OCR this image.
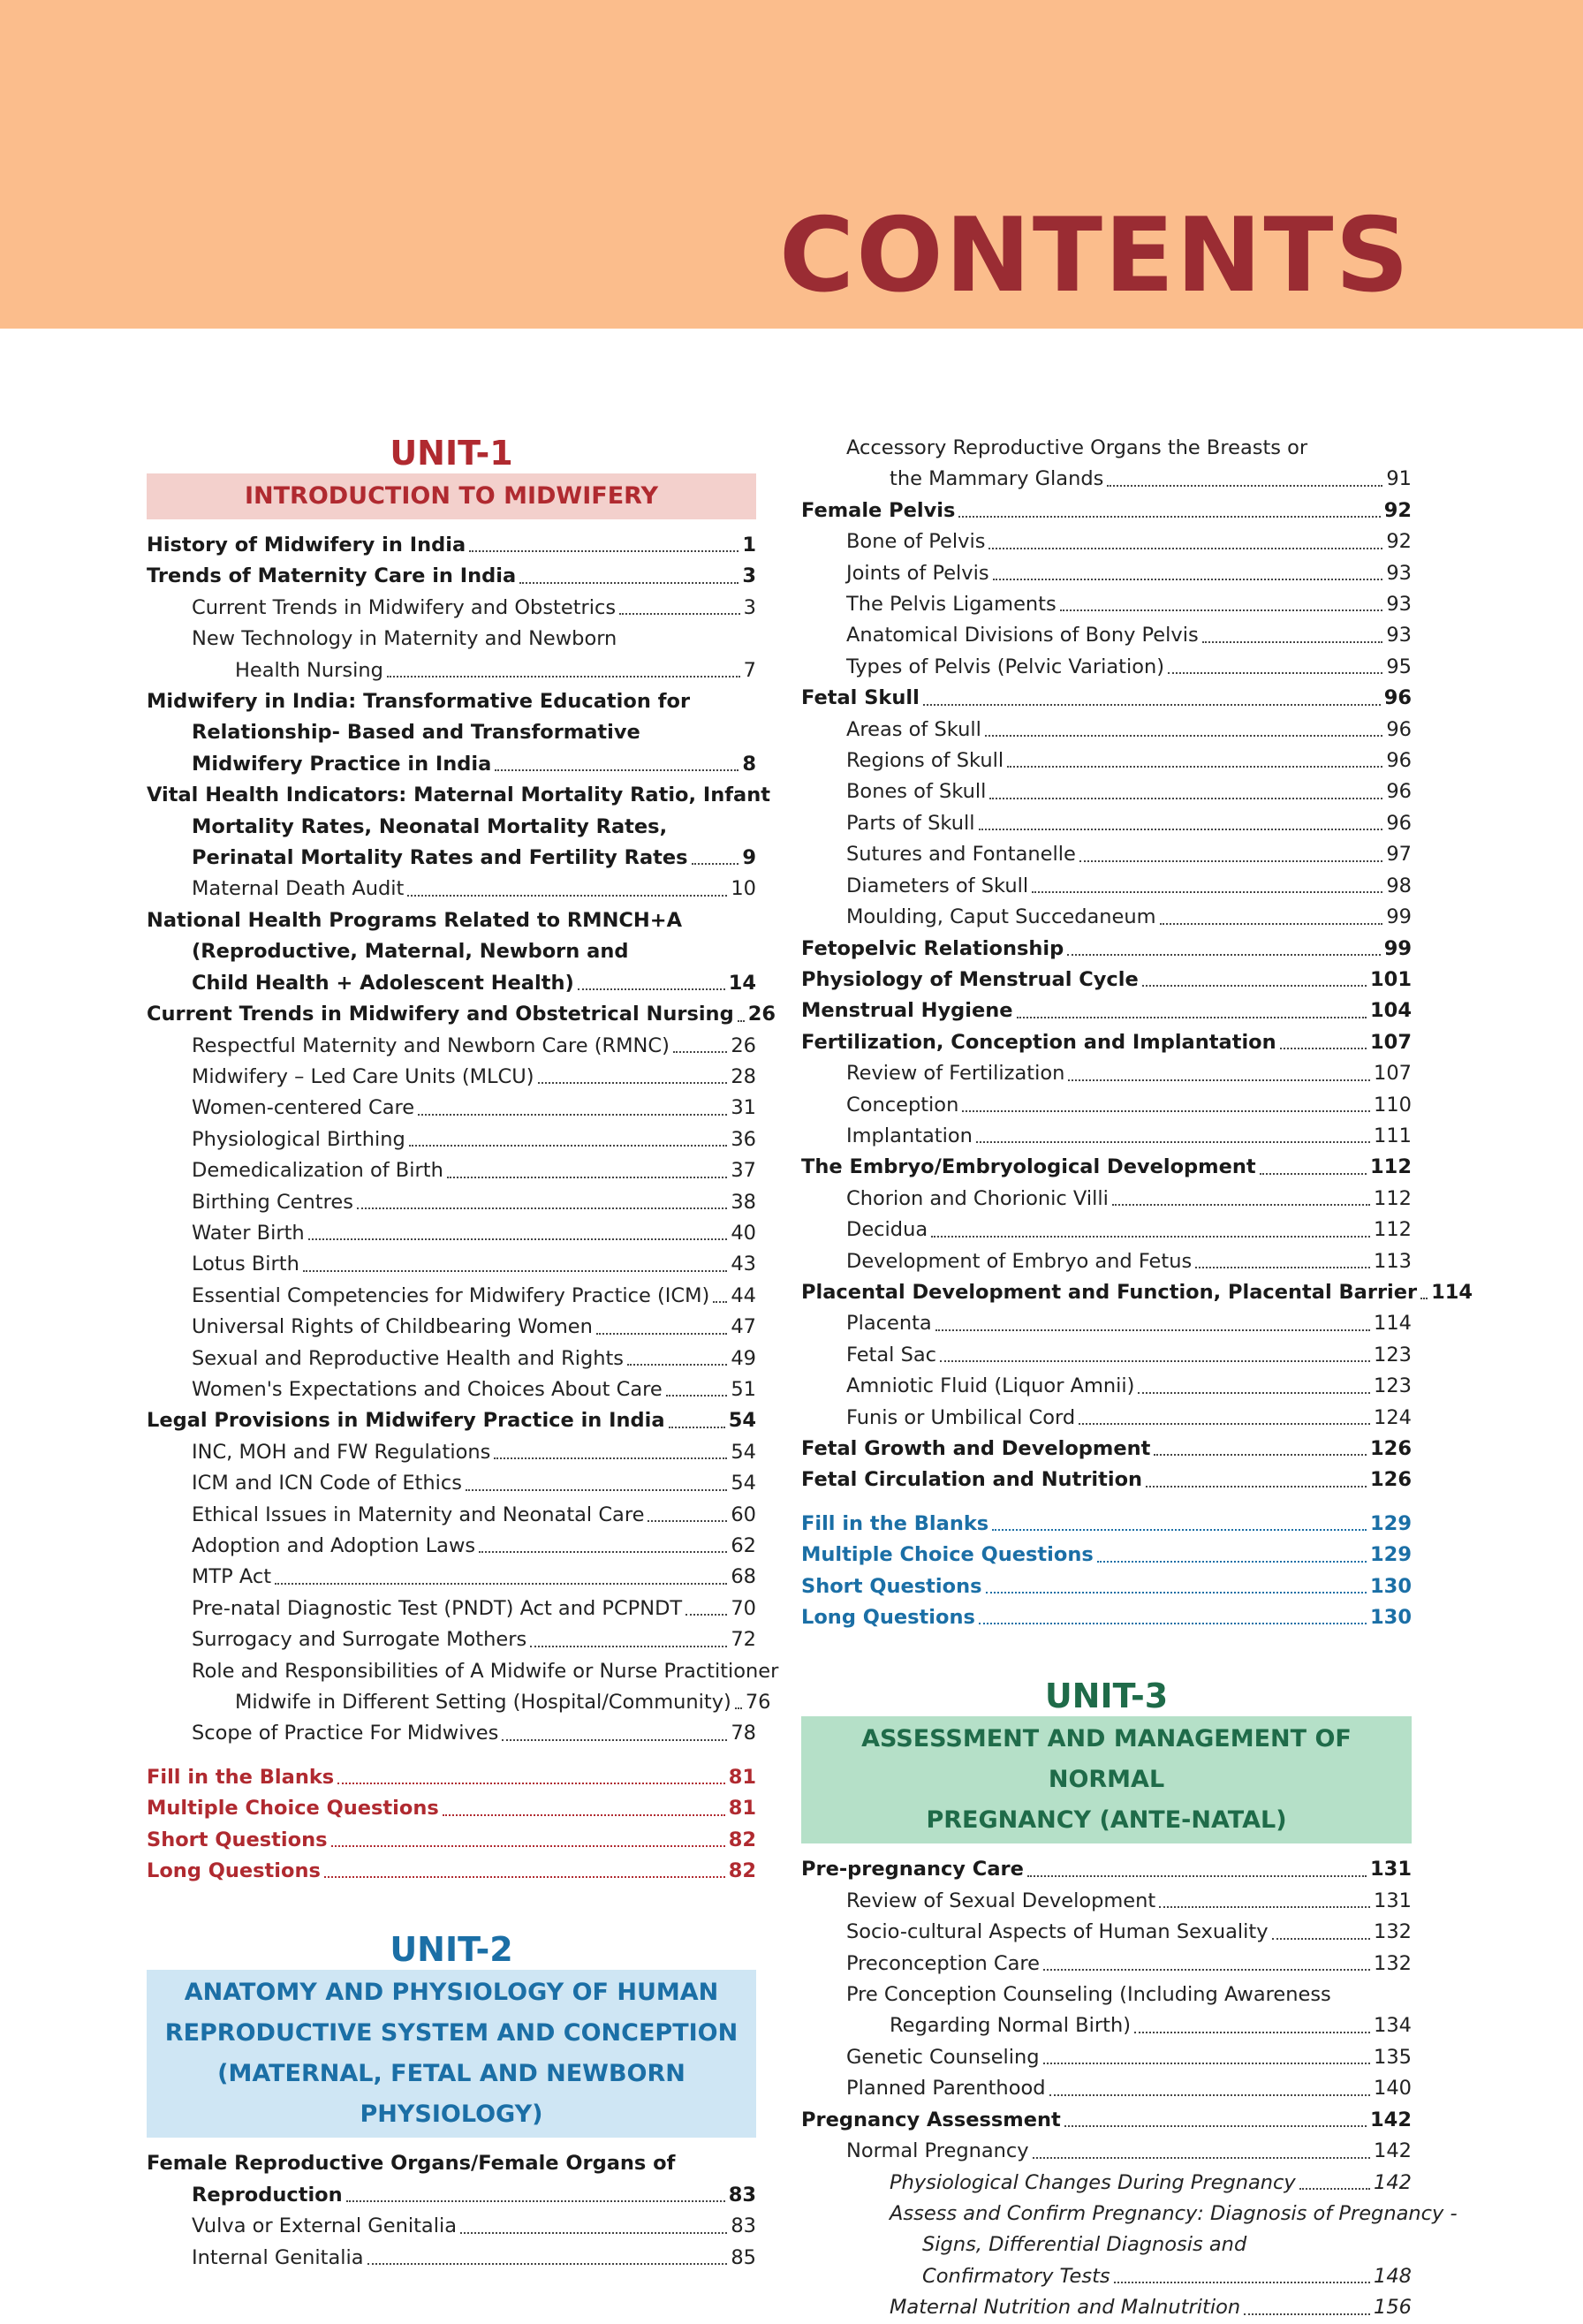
CONTENTS
UNIT-1
INTRODUCTION TO MIDWIFERY
History of Midwifery in India	1
Trends of Maternity Care in India	3
Current Trends in Midwifery and Obstetrics	3
New Technology in Maternity and Newborn
Health Nursing	7
Midwifery in India: Transformative Education for
Relationship- Based and Transformative
Midwifery Practice in India	8
Vital Health Indicators: Maternal Mortality Ratio, Infant
Mortality Rates, Neonatal Mortality Rates,
Perinatal Mortality Rates and Fertility Rates	9
Maternal Death Audit	10
National Health Programs Related to RMNCH+A
(Reproductive, Maternal, Newborn and
Child Health + Adolescent Health)	14
Current Trends in Midwifery and Obstetrical Nursing 26
Respectful Maternity and Newborn Care (RMNC)	26
Midwifery – Led Care Units (MLCU)	28
Women-centered Care	31
Physiological Birthing	36
Demedicalization of Birth	37
Birthing Centres	38
Water Birth	40
Lotus Birth	43
Essential Competencies for Midwifery Practice (ICM) 44
Universal Rights of Childbearing Women	47
Sexual and Reproductive Health and Rights	49
Women's Expectations and Choices About Care	51
Legal Provisions in Midwifery Practice in India	54
INC, MOH and FW Regulations	54
ICM and ICN Code of Ethics	54
Ethical Issues in Maternity and Neonatal Care	60
Adoption and Adoption Laws	62
MTP Act	68
Pre-natal Diagnostic Test (PNDT) Act and PCPNDT 70
Surrogacy and Surrogate Mothers	72
Role and Responsibilities of A Midwife or Nurse Practitioner
Midwife in Different Setting (Hospital/Community) 76
Scope of Practice For Midwives	78
Fill in the Blanks	81
Multiple Choice Questions	81
Short Questions	82
Long Questions	82
UNIT-2
ANATOMY AND PHYSIOLOGY OF HUMAN
REPRODUCTIVE SYSTEM AND CONCEPTION
(MATERNAL, FETAL AND NEWBORN PHYSIOLOGY)
Female Reproductive Organs/Female Organs of
Reproduction	83
Vulva or External Genitalia	83
Internal Genitalia	85
Accessory Reproductive Organs the Breasts or
the Mammary Glands	91
Female Pelvis	92
Bone of Pelvis	92
Joints of Pelvis	93
The Pelvis Ligaments	93
Anatomical Divisions of Bony Pelvis	93
Types of Pelvis (Pelvic Variation)	95
Fetal Skull	96
Areas of Skull	96
Regions of Skull	96
Bones of Skull	96
Parts of Skull	96
Sutures and Fontanelle	97
Diameters of Skull	98
Moulding, Caput Succedaneum	99
Fetopelvic Relationship	99
Physiology of Menstrual Cycle	101
Menstrual Hygiene	104
Fertilization, Conception and Implantation	107
Review of Fertilization	107
Conception	110
Implantation	111
The Embryo/Embryological Development	112
Chorion and Chorionic Villi	112
Decidua	112
Development of Embryo and Fetus	113
Placental Development and Function, Placental Barrier 114
Placenta	114
Fetal Sac	123
Amniotic Fluid (Liquor Amnii)	123
Funis or Umbilical Cord	124
Fetal Growth and Development	126
Fetal Circulation and Nutrition	126
Fill in the Blanks	129
Multiple Choice Questions	129
Short Questions	130
Long Questions	130
UNIT-3
ASSESSMENT AND MANAGEMENT OF NORMAL
PREGNANCY (ANTE-NATAL)
Pre-pregnancy Care	131
Review of Sexual Development	131
Socio-cultural Aspects of Human Sexuality	132
Preconception Care	132
Pre Conception Counseling (Including Awareness
Regarding Normal Birth)	134
Genetic Counseling	135
Planned Parenthood	140
Pregnancy Assessment	142
Normal Pregnancy	142
Physiological Changes During Pregnancy	142
Assess and Confirm Pregnancy: Diagnosis of Pregnancy -
Signs, Differential Diagnosis and
Confirmatory Tests	148
Maternal Nutrition and Malnutrition	156
